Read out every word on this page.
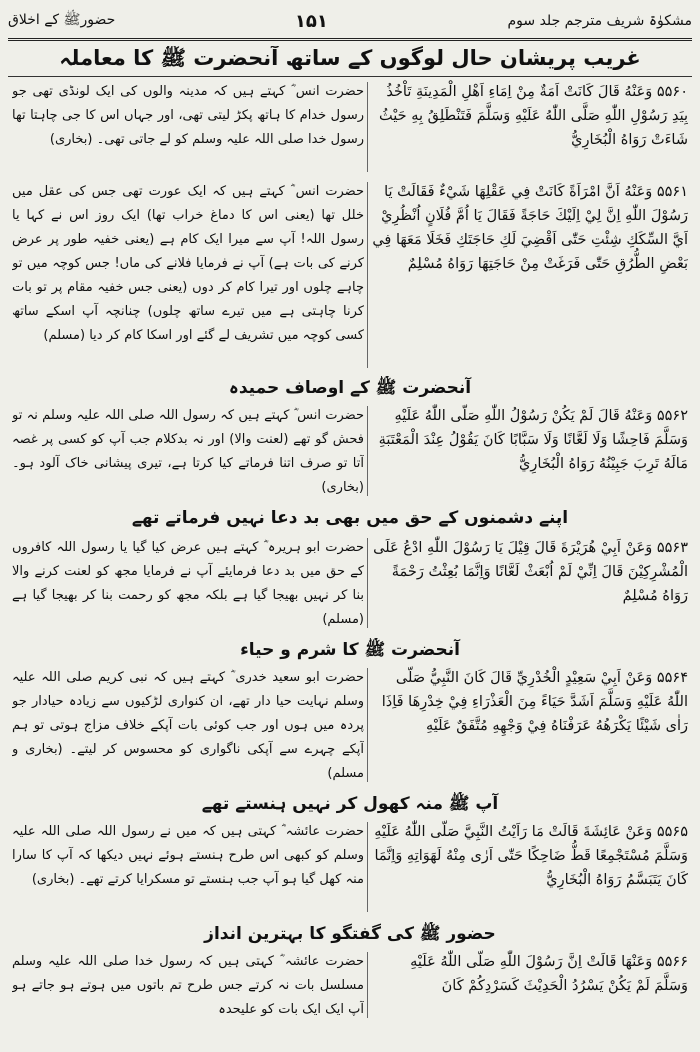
مشکوٰۃ شریف مترجم جلد سوم
۱۵۱
حضورﷺ کے اخلاق
غریب پریشان حال لوگوں کے ساتھ آنحضرت ﷺ کا معاملہ
۵۵۶۰ وَعَنْهُ قَالَ كَانَتْ اَمَةٌ مِنْ اِمَاءِ اَهْلِ الْمَدِينَةِ تَاْخُذُ بِيَدِ رَسُوْلِ اللّٰهِ صَلَّى اللّٰهُ عَلَيْهِ وَسَلَّمَ فَتَنْطَلِقُ بِهِ حَيْثُ شَاءَتْ رَوَاهُ الْبُخَارِيُّ
حضرت انس ؓ کہتے ہیں کہ مدینہ والوں کی ایک لونڈی تھی جو رسول خدام کا ہاتھ پکڑ لیتی تھی، اور جہاں اس کا جی چاہتا تھا رسول خدا صلی اللہ علیہ وسلم کو لے جاتی تھی۔ (بخاری)
۵۵۶۱ وَعَنْهُ اَنَّ امْرَاَةً كَانَتْ فِي عَقْلِهَا شَيْءٌ فَقَالَتْ يَا رَسُوْلَ اللّٰهِ اِنَّ لِيْ اِلَيْكَ حَاجَةً فَقَالَ يَا اُمَّ فُلَانٍ اُنْظُرِيْ اَيَّ السِّكَكِ شِئْتِ حَتّٰى اَقْضِيَ لَكِ حَاجَتَكِ فَخَلَا مَعَهَا فِي بَعْضِ الطُّرُقِ حَتّٰى فَرَغَتْ مِنْ حَاجَتِهَا رَوَاهُ مُسْلِمٌ
حضرت انس ؓ کہتے ہیں کہ ایک عورت تھی جس کی عقل میں خلل تھا (یعنی اس کا دماغ خراب تھا) ایک روز اس نے کہا یا رسول اللہ! آپ سے میرا ایک کام ہے (یعنی خفیہ طور پر عرض کرنے کی بات ہے) آپ نے فرمایا فلانے کی ماں! جس کوچہ میں تو چاہے چلوں اور تیرا کام کر دوں (یعنی جس خفیہ مقام پر تو بات کرنا چاہتی ہے میں تیرے ساتھ چلوں) چنانچہ آپ اسکے ساتھ کسی کوچہ میں تشریف لے گئے اور اسکا کام کر دیا (مسلم)
آنحضرت ﷺ کے اوصاف حمیدہ
۵۵۶۲ وَعَنْهُ قَالَ لَمْ يَكُنْ رَسُوْلُ اللّٰهِ صَلَّى اللّٰهُ عَلَيْهِ وَسَلَّمَ فَاحِشًا وَلَا لَعَّانًا وَلَا سَبَّابًا كَانَ يَقُوْلُ عِنْدَ الْمَعْتَبَةِ مَالَهُ تَرِبَ جَبِيْنُهُ رَوَاهُ الْبُخَارِيُّ
حضرت انس ؓ کہتے ہیں کہ رسول اللہ صلی اللہ علیہ وسلم نہ تو فحش گو تھے (لعنت والا) اور نہ بدکلام جب آپ کو کسی پر غصہ آتا تو صرف اتنا فرماتے کیا کرتا ہے، تیری پیشانی خاک آلود ہو۔ (بخاری)
اپنے دشمنوں کے حق میں بھی بد دعا نہیں فرماتے تھے
۵۵۶۳ وَعَنْ اَبِيْ هُرَيْرَةَ قَالَ قِيْلَ يَا رَسُوْلَ اللّٰهِ ادْعُ عَلَى الْمُشْرِكِيْنَ قَالَ اِنِّيْ لَمْ اُبْعَثْ لَعَّانًا وَاِنَّمَا بُعِثْتُ رَحْمَةً رَوَاهُ مُسْلِمٌ
حضرت ابو ہریرہ ؓ کہتے ہیں عرض کیا گیا یا رسول اللہ کافروں کے حق میں بد دعا فرمایئے آپ نے فرمایا مجھ کو لعنت کرنے والا بنا کر نہیں بھیجا گیا ہے بلکہ مجھ کو رحمت بنا کر بھیجا گیا ہے (مسلم)
آنحضرت ﷺ کا شرم و حیاء
۵۵۶۴ وَعَنْ اَبِيْ سَعِيْدٍ الْخُدْرِيِّ قَالَ كَانَ النَّبِيُّ صَلَّى اللّٰهُ عَلَيْهِ وَسَلَّمَ اَشَدَّ حَيَاءً مِنَ الْعَذْرَاءِ فِيْ خِدْرِهَا فَاِذَا رَاٰى شَيْئًا يَكْرَهُهُ عَرَفْنَاهُ فِيْ وَجْهِهِ مُتَّفَقٌ عَلَيْهِ
حضرت ابو سعید خدری ؓ کہتے ہیں کہ نبی کریم صلی اللہ علیہ وسلم نہایت حیا دار تھے، ان کنواری لڑکیوں سے زیادہ حیادار جو پردہ میں ہوں اور جب کوئی بات آپکے خلاف مزاج ہوتی تو ہم آپکے چہرے سے آپکی ناگواری کو محسوس کر لیتے۔ (بخاری و مسلم)
آپ ﷺ منہ کھول کر نہیں ہنستے تھے
۵۵۶۵ وَعَنْ عَائِشَةَ قَالَتْ مَا رَاَيْتُ النَّبِيَّ صَلَّى اللّٰهُ عَلَيْهِ وَسَلَّمَ مُسْتَجْمِعًا قَطُّ ضَاحِكًا حَتّٰى اَرٰى مِنْهُ لَهَوَاتِهِ وَاِنَّمَا كَانَ يَتَبَسَّمُ رَوَاهُ الْبُخَارِيُّ
حضرت عائشہ ؓ کہتی ہیں کہ میں نے رسول اللہ صلی اللہ علیہ وسلم کو کبھی اس طرح ہنستے ہوئے نہیں دیکھا کہ آپ کا سارا منہ کھل گیا ہو آپ جب ہنستے تو مسکرایا کرتے تھے۔ (بخاری)
حضور ﷺ کی گفتگو کا بہترین انداز
۵۵۶۶ وَعَنْهَا قَالَتْ اِنَّ رَسُوْلَ اللّٰهِ صَلَّى اللّٰهُ عَلَيْهِ وَسَلَّمَ لَمْ يَكُنْ يَسْرُدُ الْحَدِيْثَ كَسَرْدِكُمْ كَانَ
حضرت عائشہ ؓ کہتی ہیں کہ رسول خدا صلی اللہ علیہ وسلم مسلسل بات نہ کرتے جس طرح تم باتوں میں ہوتے ہو جاتے ہو آپ ایک ایک بات کو علیحدہ
